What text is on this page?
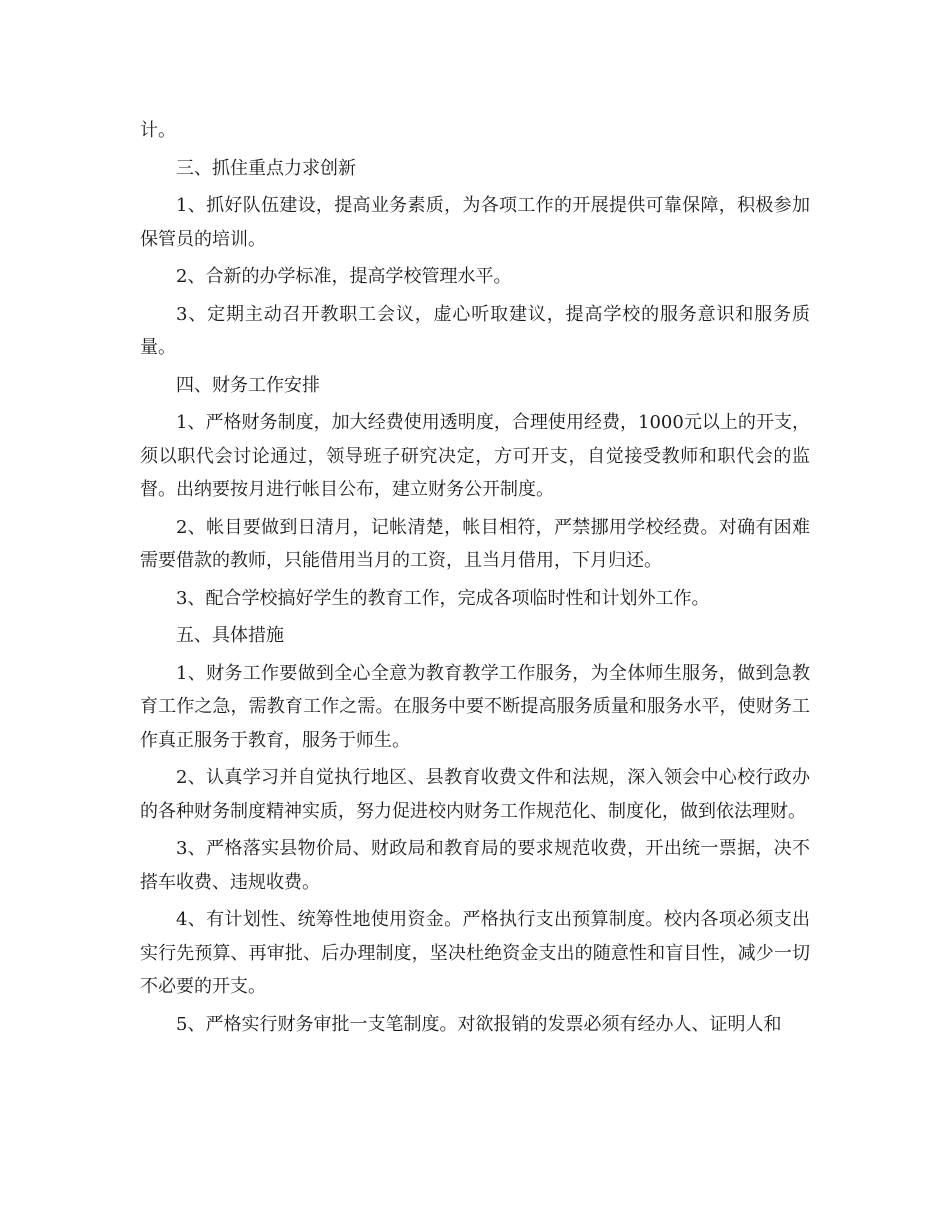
计。

三、抓住重点力求创新

1、抓好队伍建设，提高业务素质，为各项工作的开展提供可靠保障，积极参加保管员的培训。

2、合新的办学标准，提高学校管理水平。

3、定期主动召开教职工会议，虚心听取建议，提高学校的服务意识和服务质量。

四、财务工作安排

1、严格财务制度，加大经费使用透明度，合理使用经费，1000元以上的开支，须以职代会讨论通过，领导班子研究决定，方可开支，自觉接受教师和职代会的监督。出纳要按月进行帐目公布，建立财务公开制度。

2、帐目要做到日清月，记帐清楚，帐目相符，严禁挪用学校经费。对确有困难需要借款的教师，只能借用当月的工资，且当月借用，下月归还。

3、配合学校搞好学生的教育工作，完成各项临时性和计划外工作。

五、具体措施

1、财务工作要做到全心全意为教育教学工作服务，为全体师生服务，做到急教育工作之急，需教育工作之需。在服务中要不断提高服务质量和服务水平，使财务工作真正服务于教育，服务于师生。

2、认真学习并自觉执行地区、县教育收费文件和法规，深入领会中心校行政办的各种财务制度精神实质，努力促进校内财务工作规范化、制度化，做到依法理财。

3、严格落实县物价局、财政局和教育局的要求规范收费，开出统一票据，决不搭车收费、违规收费。

4、有计划性、统筹性地使用资金。严格执行支出预算制度。校内各项必须支出实行先预算、再审批、后办理制度，坚决杜绝资金支出的随意性和盲目性，减少一切不必要的开支。

5、严格实行财务审批一支笔制度。对欲报销的发票必须有经办人、证明人和
